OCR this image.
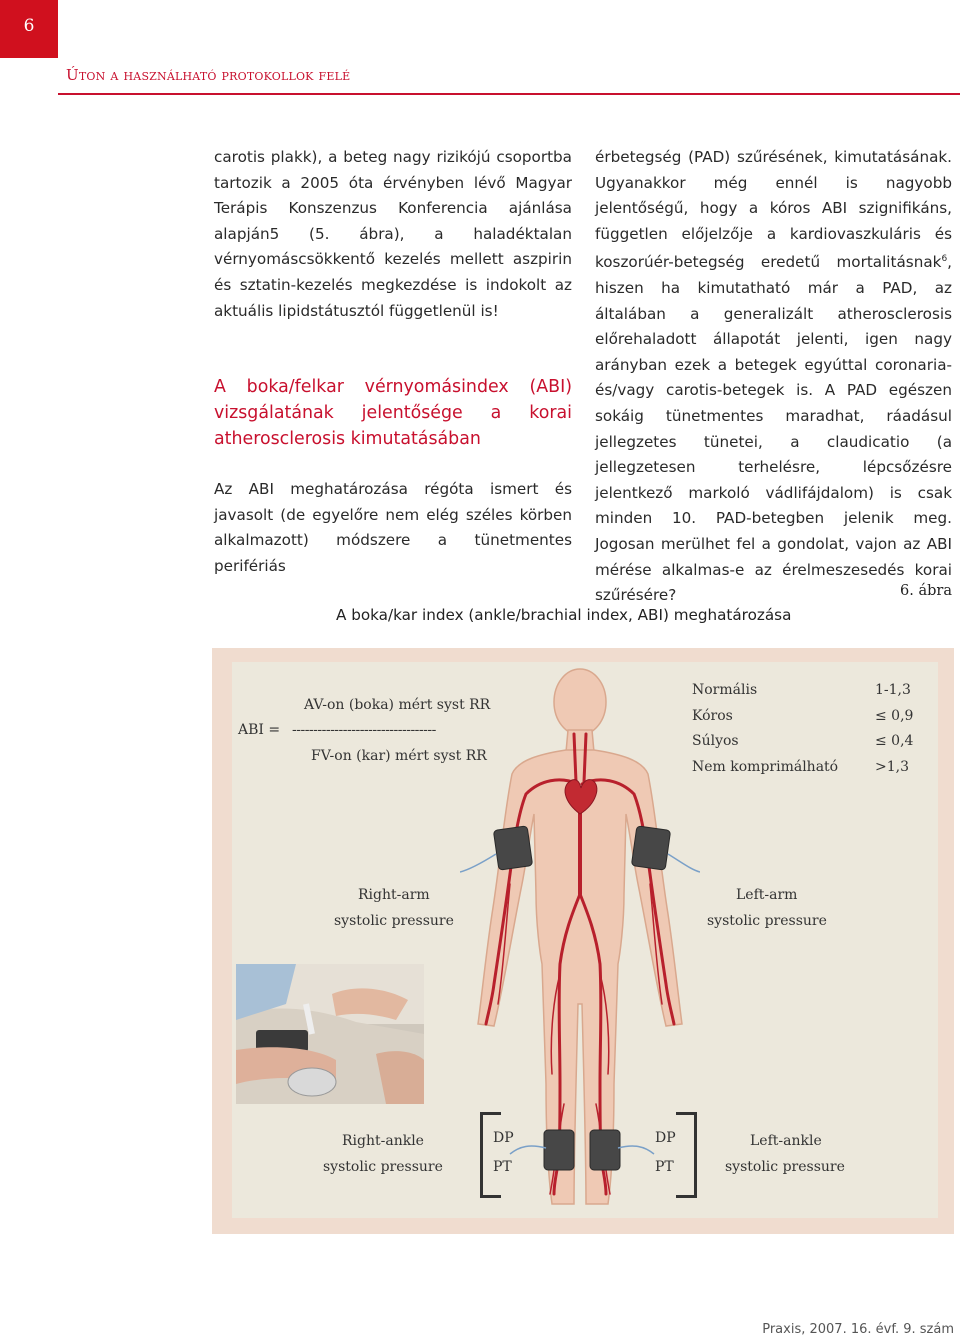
6
Úton a használható protokollok felé

carotis plakk), a beteg nagy rizikójú csoportba tartozik a 2005 óta érvényben lévő Magyar Terápis Konszenzus Konferencia ajánlása alapján5 (5. ábra), a haladéktalan vérnyomáscsökkentő kezelés mellett aszpirin és sztatin-kezelés megkezdése is indokolt az aktuális lipidstátusztól függetlenül is!

A boka/felkar vérnyomásindex (ABI) vizsgálatának jelentősége a korai atherosclerosis kimutatásában

Az ABI meghatározása régóta ismert és javasolt (de egyelőre nem elég széles körben alkalmazott) módszere a tünetmentes perifériás

érbetegség (PAD) szűrésének, kimutatásának. Ugyanakkor még ennél is nagyobb jelentőségű, hogy a kóros ABI szignifikáns, független előjelzője a kardiovaszkuláris és koszorúér-betegség eredetű mortalitásnak$^6$, hiszen ha kimutatható már a PAD, az általában a generalizált atherosclerosis előrehaladott állapotát jelenti, igen nagy arányban ezek a betegek egyúttal coronaria- és/vagy carotis-betegek is. A PAD egészen sokáig tünetmentes maradhat, ráadásul jellegzetes tünetei, a claudicatio (a jellegzetesen terhelésre, lépcsőzésre jelentkező markoló vádlifájdalom) is csak minden 10. PAD-betegben jelenik meg. Jogosan merülhet fel a gondolat, vajon az ABI mérése alkalmas-e az érelmeszesedés korai szűrésére?	6. ábra
A boka/kar index (ankle/brachial index, ABI) meghatározása
AV-on (boka) mért syst RR
ABI = ----------------------------------
FV-on (kar) mért syst RR
Normális	1-1,3
Kóros	≤ 0,9
Súlyos	≤ 0,4
Nem komprimálható	>1,3
Right-arm
systolic pressure
Left-arm
systolic pressure
Right-ankle
systolic pressure
Left-ankle
systolic pressure
DP
PT
DP
PT
Praxis, 2007. 16. évf. 9. szám
